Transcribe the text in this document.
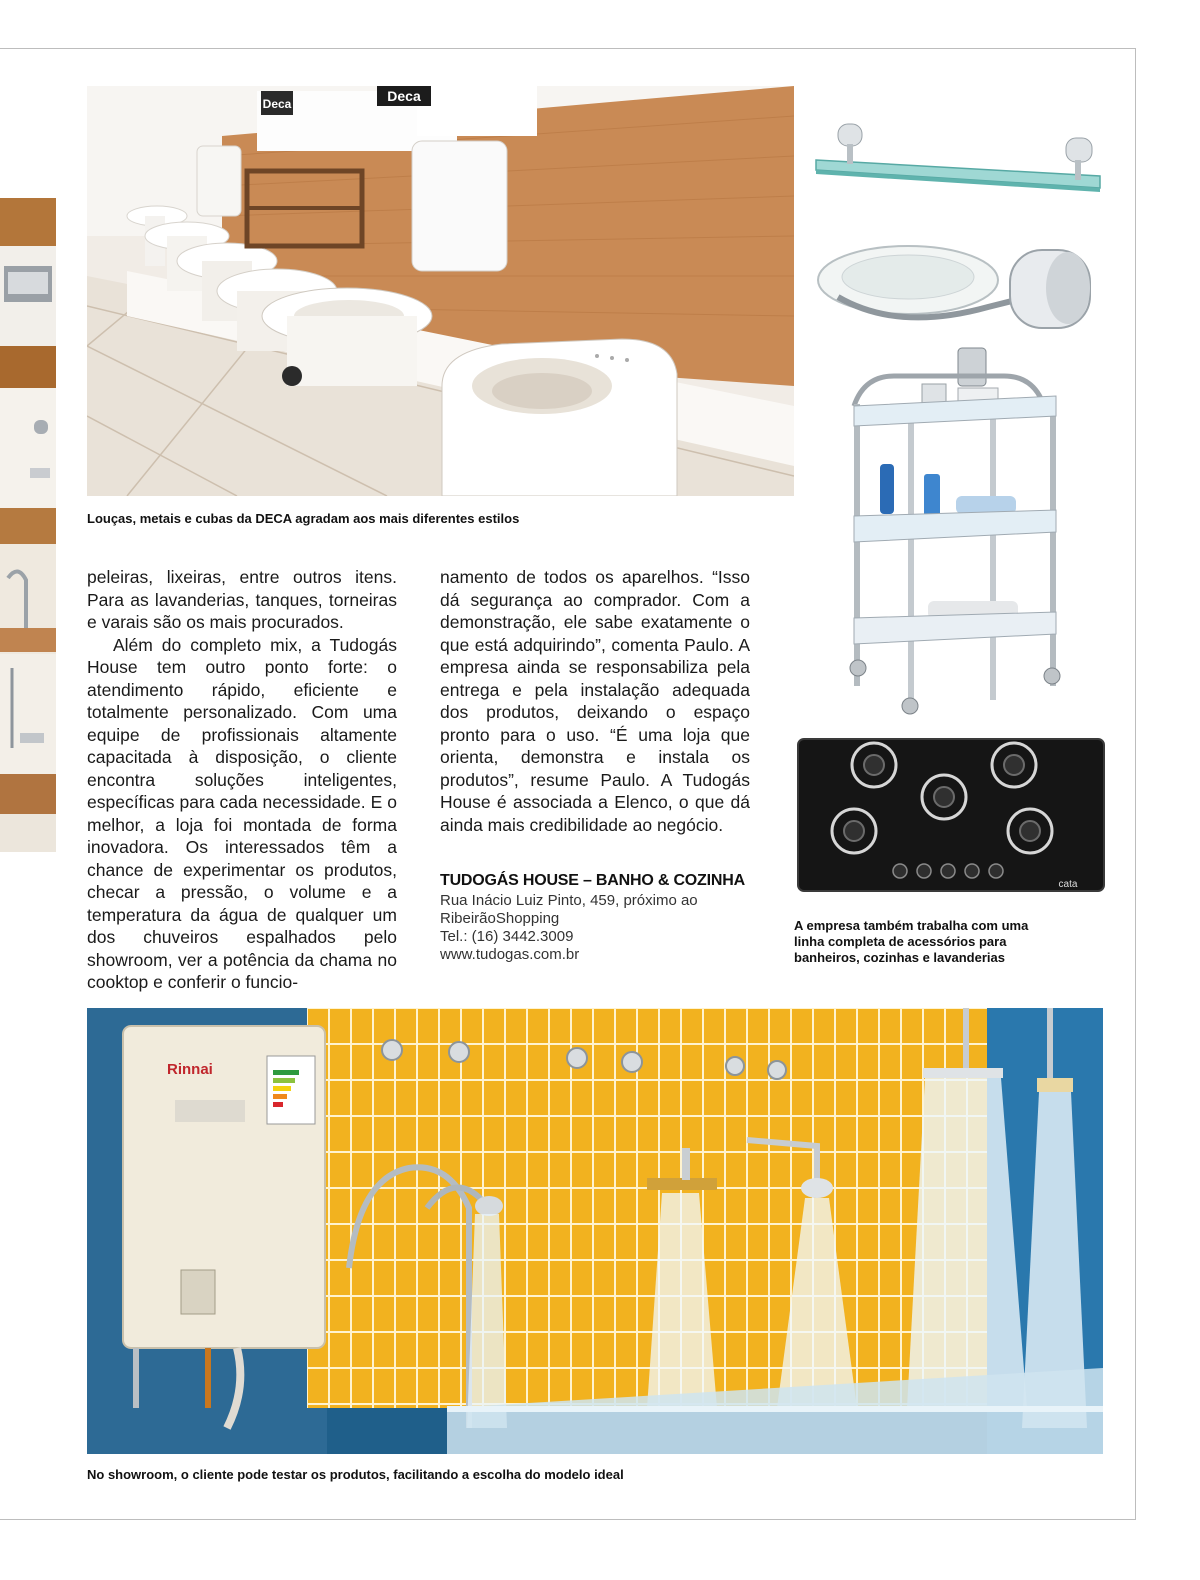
Deca	Deca
Louças, metais e cubas da DECA agradam aos mais diferentes estilos
cata
A empresa também trabalha com uma
linha completa de acessórios para
banheiros, cozinhas e lavanderias

peleiras, lixeiras, entre outros itens. Para as lavanderias, tanques, torneiras e varais são os mais procurados.

Além do completo mix, a Tudogás House tem outro ponto forte: o atendimento rápido, eficiente e totalmente personalizado. Com uma equipe de profissionais altamente capacitada à disposição, o cliente encontra soluções inteligentes, específicas para cada necessidade. E o melhor, a loja foi montada de forma inovadora. Os interessados têm a chance de experimentar os produtos, checar a pressão, o volume e a temperatura da água de qualquer um dos chuveiros espalhados pelo showroom, ver a potência da chama no cooktop e conferir o funcio-

namento de todos os aparelhos. “Isso dá segurança ao comprador. Com a demonstração, ele sabe exatamente o que está adquirindo”, comenta Paulo. A empresa ainda se responsabiliza pela entrega e pela instalação adequada dos produtos, deixando o espaço pronto para o uso. “É uma loja que orienta, demonstra e instala os produtos”, resume Paulo. A Tudogás House é associada a Elenco, o que dá ainda mais credibilidade ao negócio.

TUDOGÁS HOUSE – BANHO & COZINHA
Rua Inácio Luiz Pinto, 459, próximo ao
RibeirãoShopping
Tel.: (16) 3442.3009
www.tudogas.com.br
Rinnai
No showroom, o cliente pode testar os produtos, facilitando a escolha do modelo ideal
